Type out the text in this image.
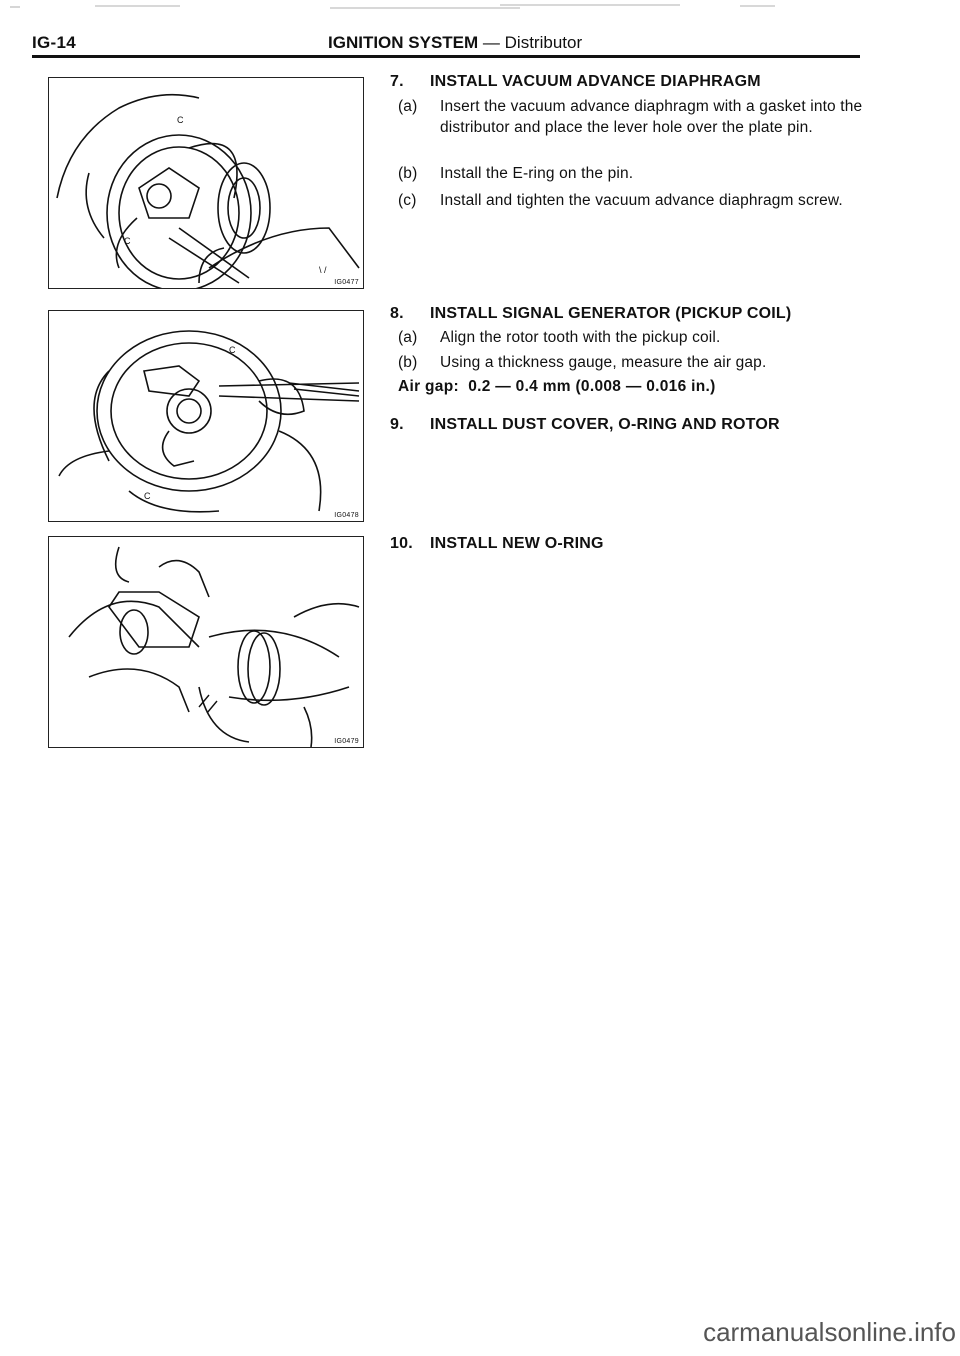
IG-14	IGNITION SYSTEM — Distributor
C
C
\ /
IG0477
C
C
IG0478
IG0479
7. INSTALL VACUUM ADVANCE DIAPHRAGM
(a) Insert the vacuum advance diaphragm with a gasket into the distributor and place the lever hole over the plate pin.
(b) Install the E-ring on the pin.
(c) Install and tighten the vacuum advance diaphragm screw.
8. INSTALL SIGNAL GENERATOR (PICKUP COIL)
(a) Align the rotor tooth with the pickup coil.
(b) Using a thickness gauge, measure the air gap.
Air gap: 0.2 — 0.4 mm (0.008 — 0.016 in.)
9. INSTALL DUST COVER, O-RING AND ROTOR
10. INSTALL NEW O-RING
carmanualsonline.info
